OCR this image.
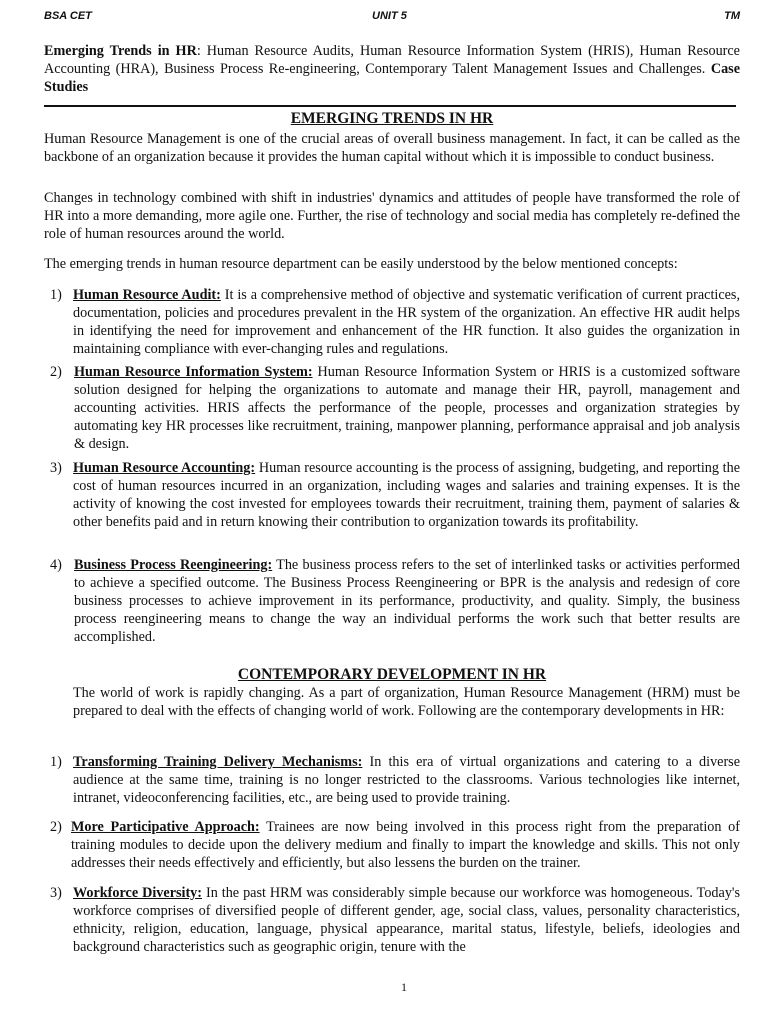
BSA CET	UNIT 5	TM
Emerging Trends in HR: Human Resource Audits, Human Resource Information System (HRIS), Human Resource Accounting (HRA), Business Process Re-engineering, Contemporary Talent Management Issues and Challenges. Case Studies
EMERGING TRENDS IN HR
Human Resource Management is one of the crucial areas of overall business management. In fact, it can be called as the backbone of an organization because it provides the human capital without which it is impossible to conduct business.
Changes in technology combined with shift in industries' dynamics and attitudes of people have transformed the role of HR into a more demanding, more agile one. Further, the rise of technology and social media has completely re-defined the role of human resources around the world.
The emerging trends in human resource department can be easily understood by the below mentioned concepts:
1) Human Resource Audit: It is a comprehensive method of objective and systematic verification of current practices, documentation, policies and procedures prevalent in the HR system of the organization. An effective HR audit helps in identifying the need for improvement and enhancement of the HR function. It also guides the organization in maintaining compliance with ever-changing rules and regulations.
2) Human Resource Information System: Human Resource Information System or HRIS is a customized software solution designed for helping the organizations to automate and manage their HR, payroll, management and accounting activities. HRIS affects the performance of the people, processes and organization strategies by automating key HR processes like recruitment, training, manpower planning, performance appraisal and job analysis & design.
3) Human Resource Accounting: Human resource accounting is the process of assigning, budgeting, and reporting the cost of human resources incurred in an organization, including wages and salaries and training expenses. It is the activity of knowing the cost invested for employees towards their recruitment, training them, payment of salaries & other benefits paid and in return knowing their contribution to organization towards its profitability.
4) Business Process Reengineering: The business process refers to the set of interlinked tasks or activities performed to achieve a specified outcome. The Business Process Reengineering or BPR is the analysis and redesign of core business processes to achieve improvement in its performance, productivity, and quality. Simply, the business process reengineering means to change the way an individual performs the work such that better results are accomplished.
CONTEMPORARY DEVELOPMENT IN HR
The world of work is rapidly changing. As a part of organization, Human Resource Management (HRM) must be prepared to deal with the effects of changing world of work. Following are the contemporary developments in HR:
1) Transforming Training Delivery Mechanisms: In this era of virtual organizations and catering to a diverse audience at the same time, training is no longer restricted to the classrooms. Various technologies like internet, intranet, videoconferencing facilities, etc., are being used to provide training.
2) More Participative Approach: Trainees are now being involved in this process right from the preparation of training modules to decide upon the delivery medium and finally to impart the knowledge and skills. This not only addresses their needs effectively and efficiently, but also lessens the burden on the trainer.
3) Workforce Diversity: In the past HRM was considerably simple because our workforce was homogeneous. Today's workforce comprises of diversified people of different gender, age, social class, values, personality characteristics, ethnicity, religion, education, language, physical appearance, marital status, lifestyle, beliefs, ideologies and background characteristics such as geographic origin, tenure with the
1
